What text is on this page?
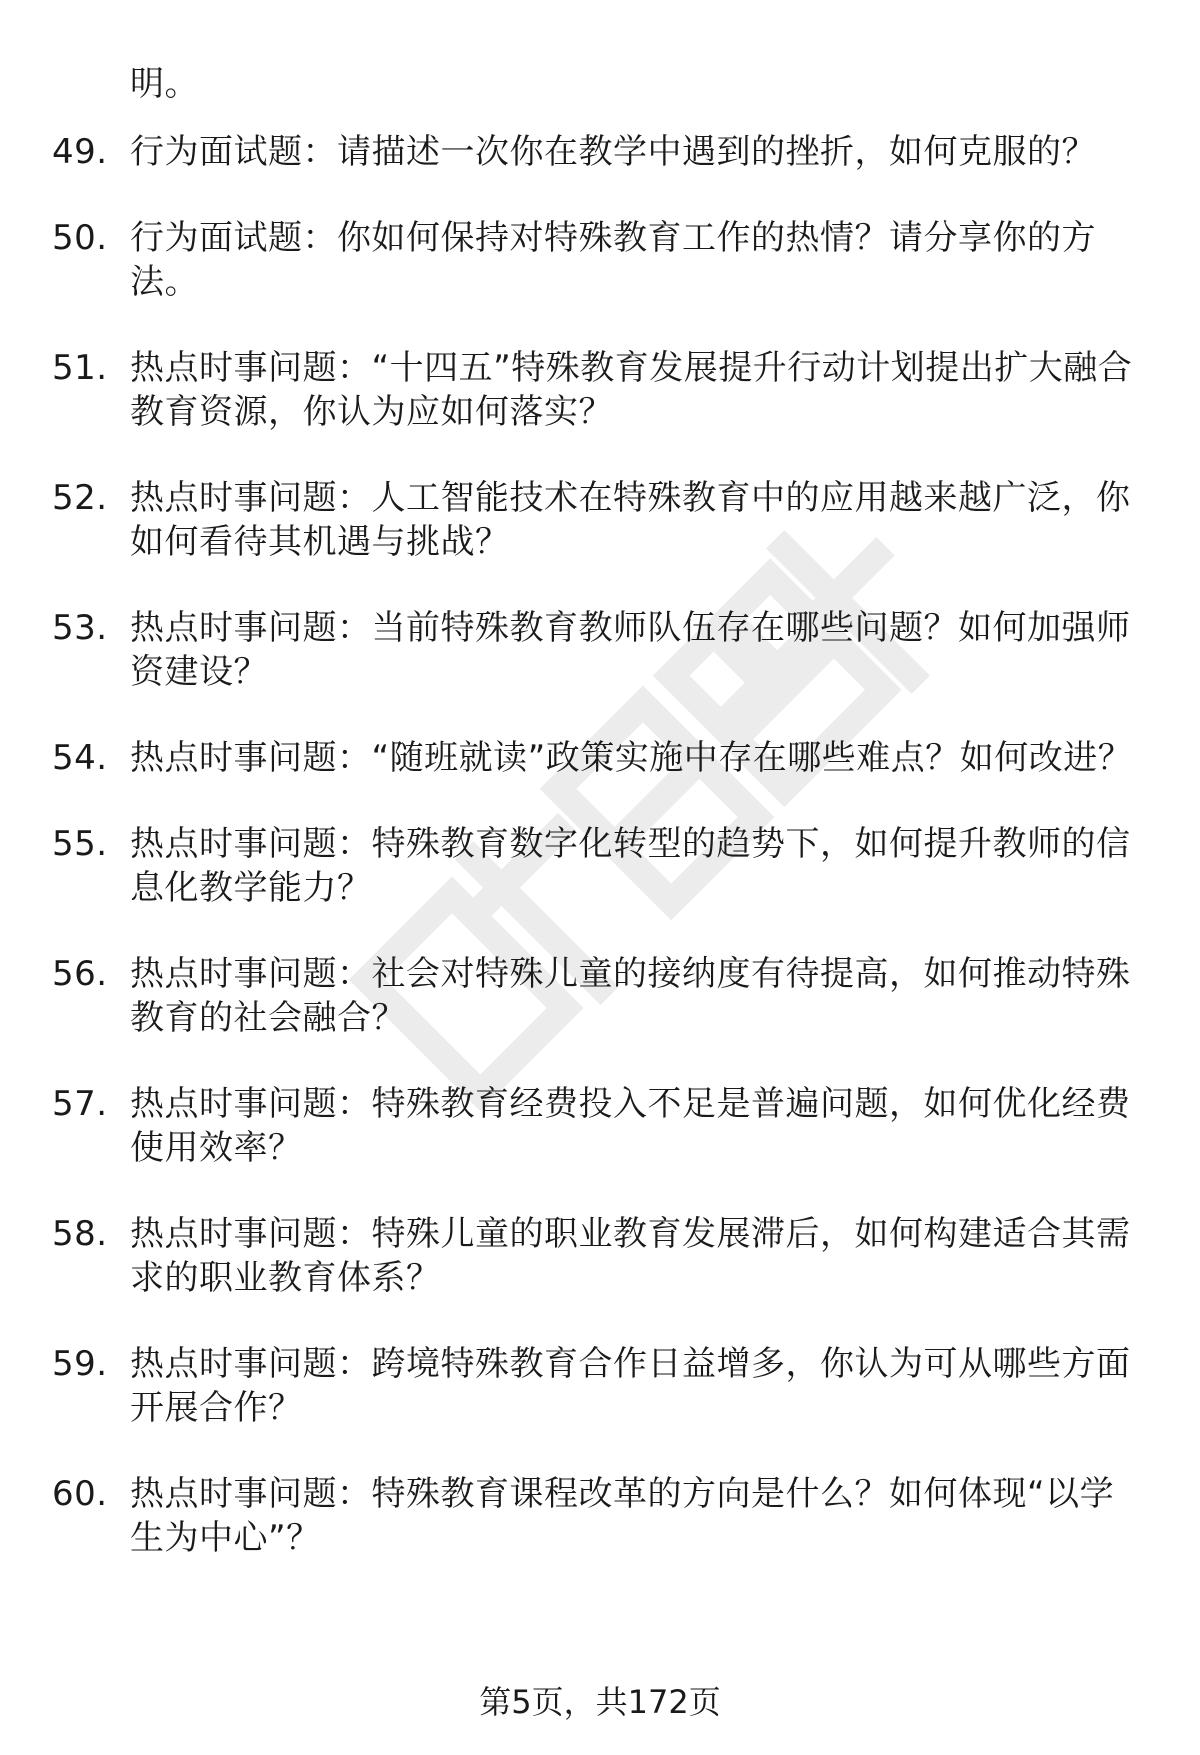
明。
49. 行为面试题：请描述一次你在教学中遇到的挫折，如何克服的？
50. 行为面试题：你如何保持对特殊教育工作的热情？请分享你的方法。
51. 热点时事问题：“十四五”特殊教育发展提升行动计划提出扩大融合教育资源，你认为应如何落实？
52. 热点时事问题：人工智能技术在特殊教育中的应用越来越广泛，你如何看待其机遇与挑战？
53. 热点时事问题：当前特殊教育教师队伍存在哪些问题？如何加强师资建设？
54. 热点时事问题：“随班就读”政策实施中存在哪些难点？如何改进？
55. 热点时事问题：特殊教育数字化转型的趋势下，如何提升教师的信息化教学能力？
56. 热点时事问题：社会对特殊儿童的接纳度有待提高，如何推动特殊教育的社会融合？
57. 热点时事问题：特殊教育经费投入不足是普遍问题，如何优化经费使用效率？
58. 热点时事问题：特殊儿童的职业教育发展滞后，如何构建适合其需求的职业教育体系？
59. 热点时事问题：跨境特殊教育合作日益增多，你认为可从哪些方面开展合作？
60. 热点时事问题：特殊教育课程改革的方向是什么？如何体现“以学生为中心”？
第5页，共172页
